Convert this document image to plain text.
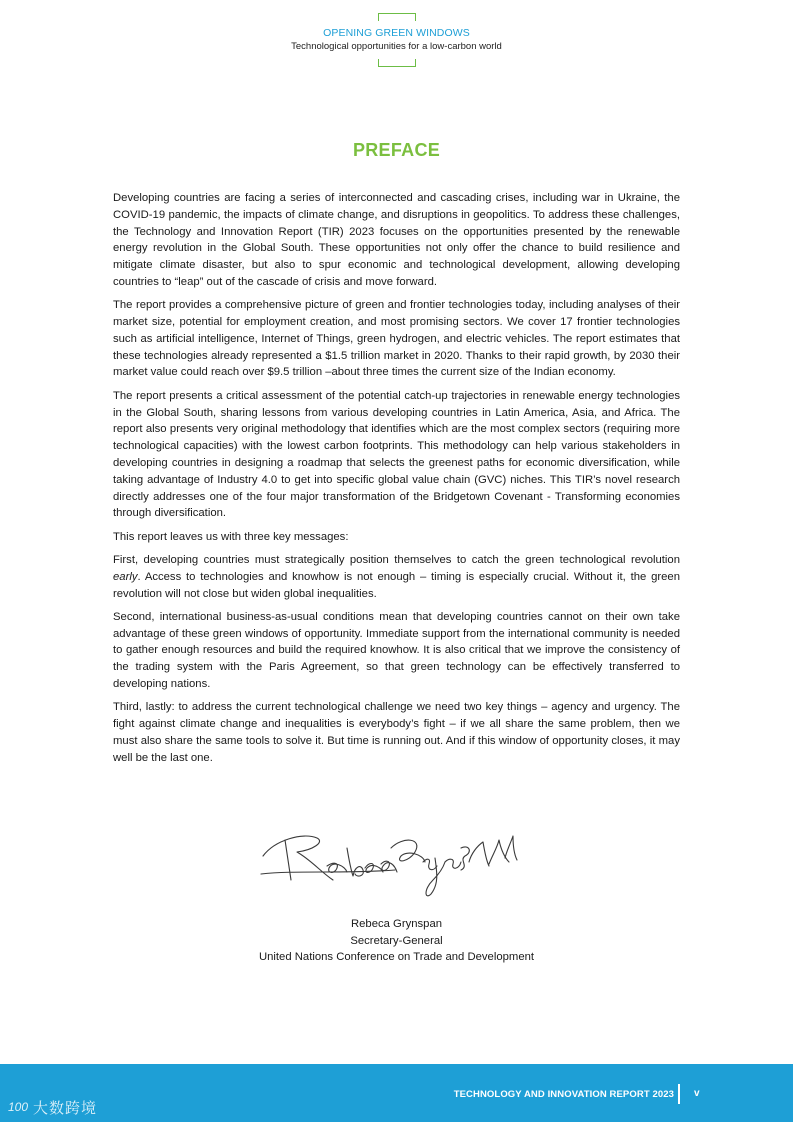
OPENING GREEN WINDOWS
Technological opportunities for a low-carbon world
PREFACE

Developing countries are facing a series of interconnected and cascading crises, including war in Ukraine, the COVID-19 pandemic, the impacts of climate change, and disruptions in geopolitics. To address these challenges, the Technology and Innovation Report (TIR) 2023 focuses on the opportunities presented by the renewable energy revolution in the Global South. These opportunities not only offer the chance to build resilience and mitigate climate disaster, but also to spur economic and technological development, allowing developing countries to “leap” out of the cascade of crisis and move forward.

The report provides a comprehensive picture of green and frontier technologies today, including analyses of their market size, potential for employment creation, and most promising sectors. We cover 17 frontier technologies such as artificial intelligence, Internet of Things, green hydrogen, and electric vehicles. The report estimates that these technologies already represented a $1.5 trillion market in 2020. Thanks to their rapid growth, by 2030 their market value could reach over $9.5 trillion –about three times the current size of the Indian economy.

The report presents a critical assessment of the potential catch-up trajectories in renewable energy technologies in the Global South, sharing lessons from various developing countries in Latin America, Asia, and Africa. The report also presents very original methodology that identifies which are the most complex sectors (requiring more technological capacities) with the lowest carbon footprints. This methodology can help various stakeholders in developing countries in designing a roadmap that selects the greenest paths for economic diversification, while taking advantage of Industry 4.0 to get into specific global value chain (GVC) niches. This TIR’s novel research directly addresses one of the four major transformation of the Bridgetown Covenant - Transforming economies through diversification.

This report leaves us with three key messages:

First, developing countries must strategically position themselves to catch the green technological revolution early. Access to technologies and knowhow is not enough – timing is especially crucial. Without it, the green revolution will not close but widen global inequalities.

Second, international business-as-usual conditions mean that developing countries cannot on their own take advantage of these green windows of opportunity. Immediate support from the international community is needed to gather enough resources and build the required knowhow. It is also critical that we improve the consistency of the trading system with the Paris Agreement, so that green technology can be effectively transferred to developing nations.

Third, lastly: to address the current technological challenge we need two key things – agency and urgency. The fight against climate change and inequalities is everybody’s fight – if we all share the same problem, then we must also share the same tools to solve it. But time is running out. And if this window of opportunity closes, it may well be the last one.

Rebeca Grynspan
Secretary-General
United Nations Conference on Trade and Development
TECHNOLOGY AND INNOVATION REPORT 2023 v
100 大数跨境
